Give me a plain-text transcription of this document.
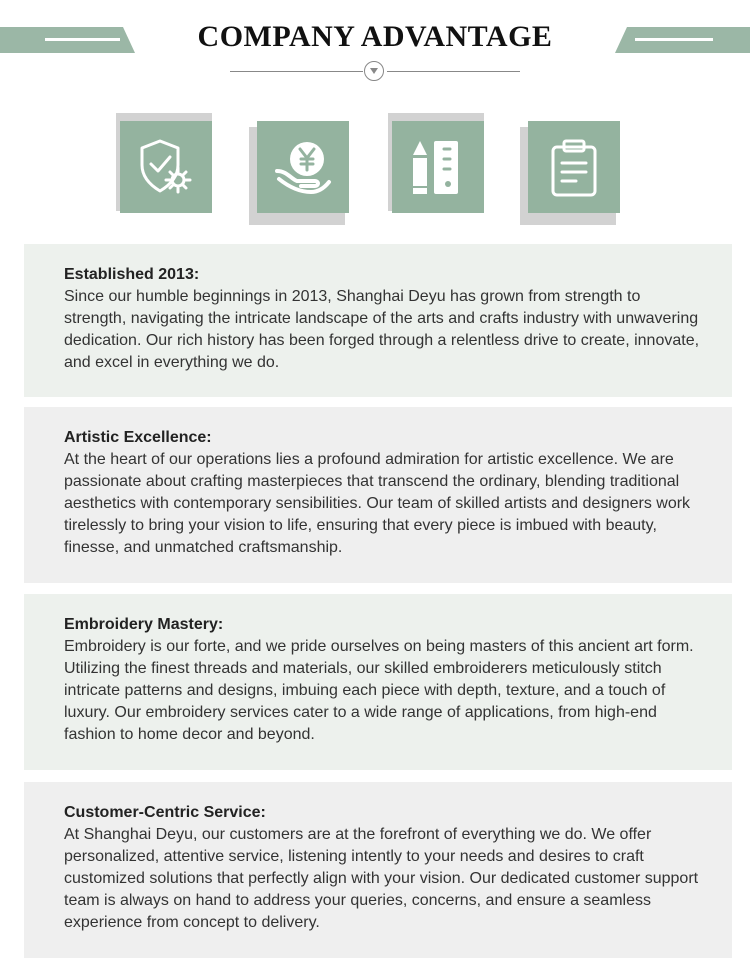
COMPANY ADVANTAGE
Established 2013:

Since our humble beginnings in 2013, Shanghai Deyu has grown from strength to strength, navigating the intricate landscape of the arts and crafts industry with unwavering dedication. Our rich history has been forged through a relentless drive to create, innovate, and excel in everything we do.

Artistic Excellence:

At the heart of our operations lies a profound admiration for artistic excellence. We are passionate about crafting masterpieces that transcend the ordinary, blending traditional aesthetics with contemporary sensibilities. Our team of skilled artists and designers work tirelessly to bring your vision to life, ensuring that every piece is imbued with beauty, finesse, and unmatched craftsmanship.

Embroidery Mastery:

Embroidery is our forte, and we pride ourselves on being masters of this ancient art form. Utilizing the finest threads and materials, our skilled embroiderers meticulously stitch intricate patterns and designs, imbuing each piece with depth, texture, and a touch of luxury. Our embroidery services cater to a wide range of applications, from high-end fashion to home decor and beyond.

Customer-Centric Service:

At Shanghai Deyu, our customers are at the forefront of everything we do. We offer personalized, attentive service, listening intently to your needs and desires to craft customized solutions that perfectly align with your vision. Our dedicated customer support team is always on hand to address your queries, concerns, and ensure a seamless experience from concept to delivery.
